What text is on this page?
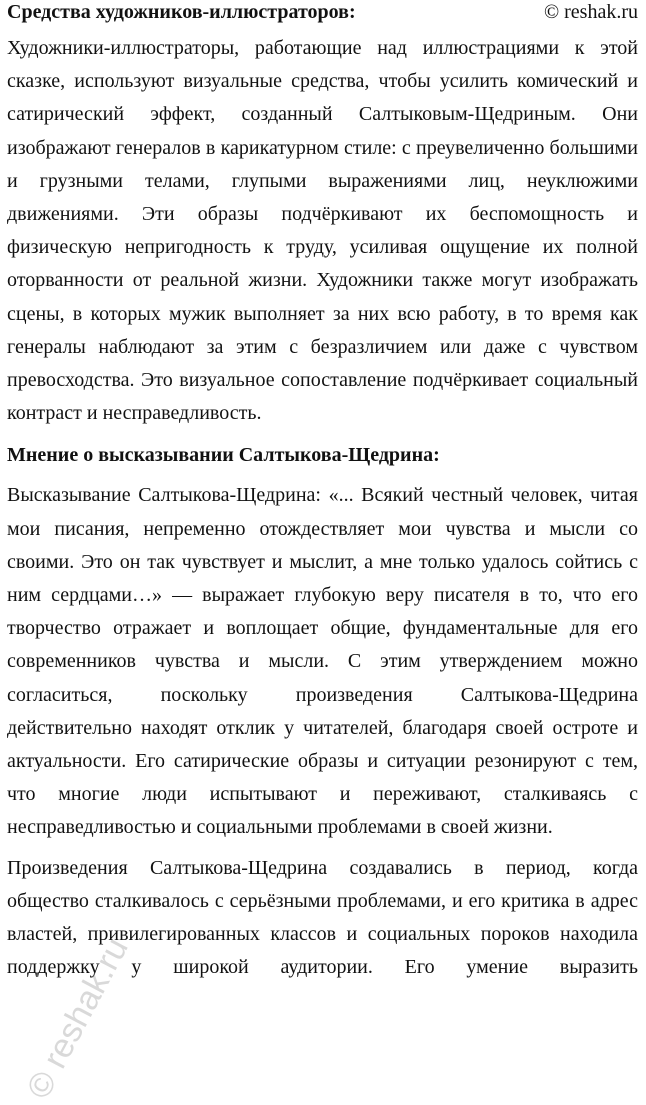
Средства художников-иллюстраторов:	© reshak.ru

Художники-иллюстраторы, работающие над иллюстрациями к этой сказке, используют визуальные средства, чтобы усилить комический и сатирический эффект, созданный Салтыковым-Щедриным. Они изображают генералов в карикатурном стиле: с преувеличенно большими и грузными телами, глупыми выражениями лиц, неуклюжими движениями. Эти образы подчёркивают их беспомощность и физическую непригодность к труду, усиливая ощущение их полной оторванности от реальной жизни. Художники также могут изображать сцены, в которых мужик выполняет за них всю работу, в то время как генералы наблюдают за этим с безразличием или даже с чувством превосходства. Это визуальное сопоставление подчёркивает социальный контраст и несправедливость.

Мнение о высказывании Салтыкова-Щедрина:

Высказывание Салтыкова-Щедрина: «... Всякий честный человек, читая мои писания, непременно отождествляет мои чувства и мысли со своими. Это он так чувствует и мыслит, а мне только удалось сойтись с ним сердцами…» — выражает глубокую веру писателя в то, что его творчество отражает и воплощает общие, фундаментальные для его современников чувства и мысли. С этим утверждением можно согласиться, поскольку произведения Салтыкова-Щедрина действительно находят отклик у читателей, благодаря своей остроте и актуальности. Его сатирические образы и ситуации резонируют с тем, что многие люди испытывают и переживают, сталкиваясь с несправедливостью и социальными проблемами в своей жизни.

Произведения Салтыкова-Щедрина создавались в период, когда общество сталкивалось с серьёзными проблемами, и его критика в адрес властей, привилегированных классов и социальных пороков находила поддержку у широкой аудитории. Его умение выразить

© reshak.ru
